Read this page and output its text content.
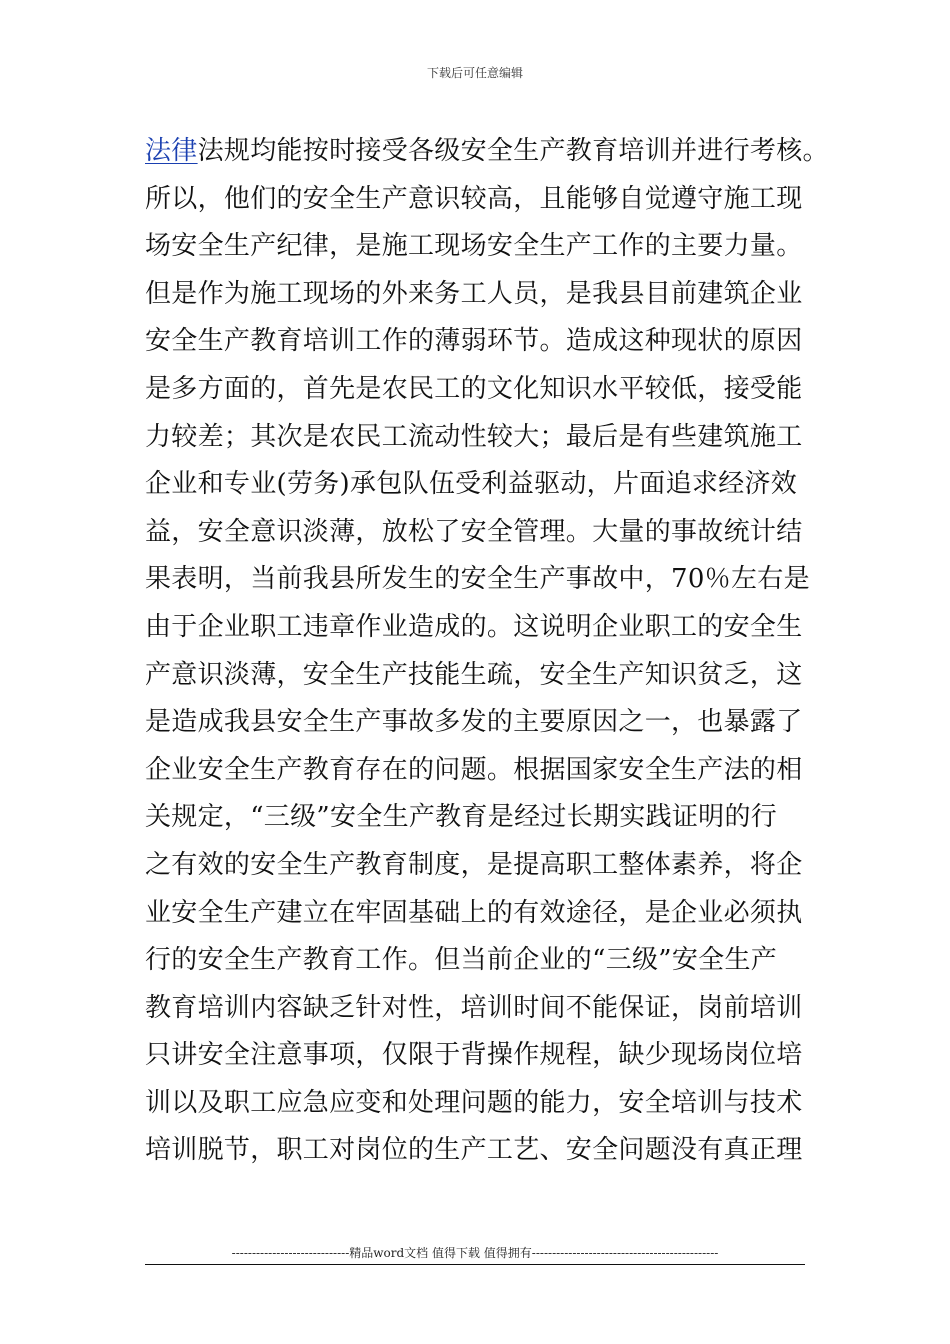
下载后可任意编辑
法律法规均能按时接受各级安全生产教育培训并进行考核。
所以，他们的安全生产意识较高，且能够自觉遵守施工现
场安全生产纪律，是施工现场安全生产工作的主要力量。
但是作为施工现场的外来务工人员，是我县目前建筑企业
安全生产教育培训工作的薄弱环节。造成这种现状的原因
是多方面的，首先是农民工的文化知识水平较低，接受能
力较差；其次是农民工流动性较大；最后是有些建筑施工
企业和专业(劳务)承包队伍受利益驱动，片面追求经济效
益，安全意识淡薄，放松了安全管理。大量的事故统计结
果表明，当前我县所发生的安全生产事故中，70％左右是
由于企业职工违章作业造成的。这说明企业职工的安全生
产意识淡薄，安全生产技能生疏，安全生产知识贫乏，这
是造成我县安全生产事故多发的主要原因之一，也暴露了
企业安全生产教育存在的问题。根据国家安全生产法的相
关规定，“三级”安全生产教育是经过长期实践证明的行
之有效的安全生产教育制度，是提高职工整体素养，将企
业安全生产建立在牢固基础上的有效途径，是企业必须执
行的安全生产教育工作。但当前企业的“三级”安全生产
教育培训内容缺乏针对性，培训时间不能保证，岗前培训
只讲安全注意事项，仅限于背操作规程，缺少现场岗位培
训以及职工应急应变和处理问题的能力，安全培训与技术
培训脱节，职工对岗位的生产工艺、安全问题没有真正理
-----------------------------精品word文档 值得下载 值得拥有----------------------------------------------
